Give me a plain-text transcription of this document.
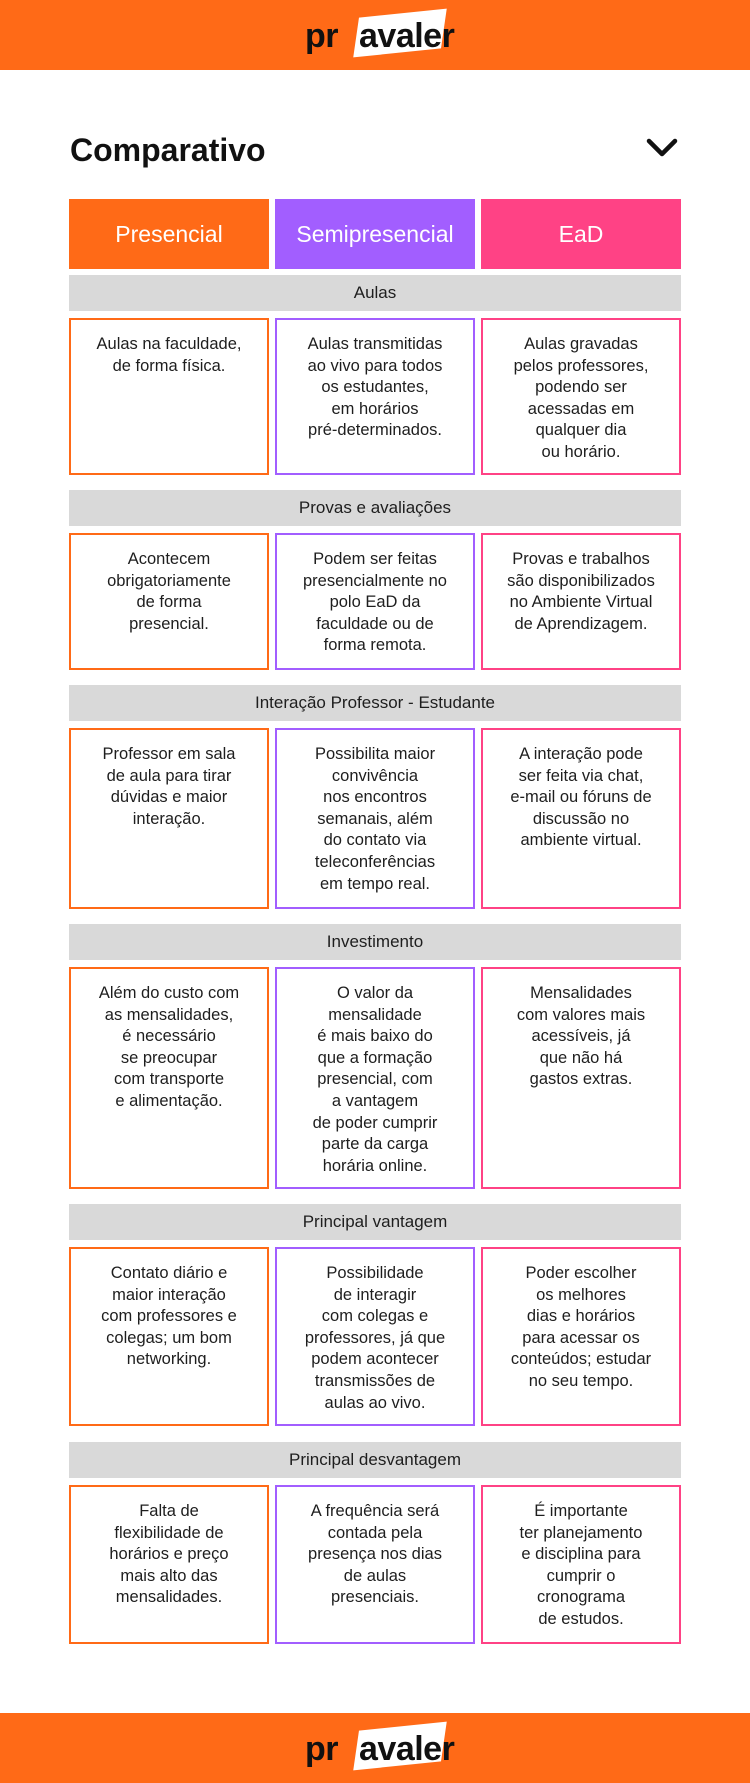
pr avaler
Comparativo
Presencial	Semipresencial	EaD
Aulas
Aulas na faculdade,
de forma física.
Aulas transmitidas
ao vivo para todos
os estudantes,
em horários
pré-determinados.
Aulas gravadas
pelos professores,
podendo ser
acessadas em
qualquer dia
ou horário.
Provas e avaliações
Acontecem
obrigatoriamente
de forma
presencial.
Podem ser feitas
presencialmente no
polo EaD da
faculdade ou de
forma remota.
Provas e trabalhos
são disponibilizados
no Ambiente Virtual
de Aprendizagem.
Interação Professor - Estudante
Professor em sala
de aula para tirar
dúvidas e maior
interação.
Possibilita maior
convivência
nos encontros
semanais, além
do contato via
teleconferências
em tempo real.
A interação pode
ser feita via chat,
e-mail ou fóruns de
discussão no
ambiente virtual.
Investimento
Além do custo com
as mensalidades,
é necessário
se preocupar
com transporte
e alimentação.
O valor da
mensalidade
é mais baixo do
que a formação
presencial, com
a vantagem
de poder cumprir
parte da carga
horária online.
Mensalidades
com valores mais
acessíveis, já
que não há
gastos extras.
Principal vantagem
Contato diário e
maior interação
com professores e
colegas; um bom
networking.
Possibilidade
de interagir
com colegas e
professores, já que
podem acontecer
transmissões de
aulas ao vivo.
Poder escolher
os melhores
dias e horários
para acessar os
conteúdos; estudar
no seu tempo.
Principal desvantagem
Falta de
flexibilidade de
horários e preço
mais alto das
mensalidades.
A frequência será
contada pela
presença nos dias
de aulas
presenciais.
É importante
ter planejamento
e disciplina para
cumprir o
cronograma
de estudos.
pr avaler
